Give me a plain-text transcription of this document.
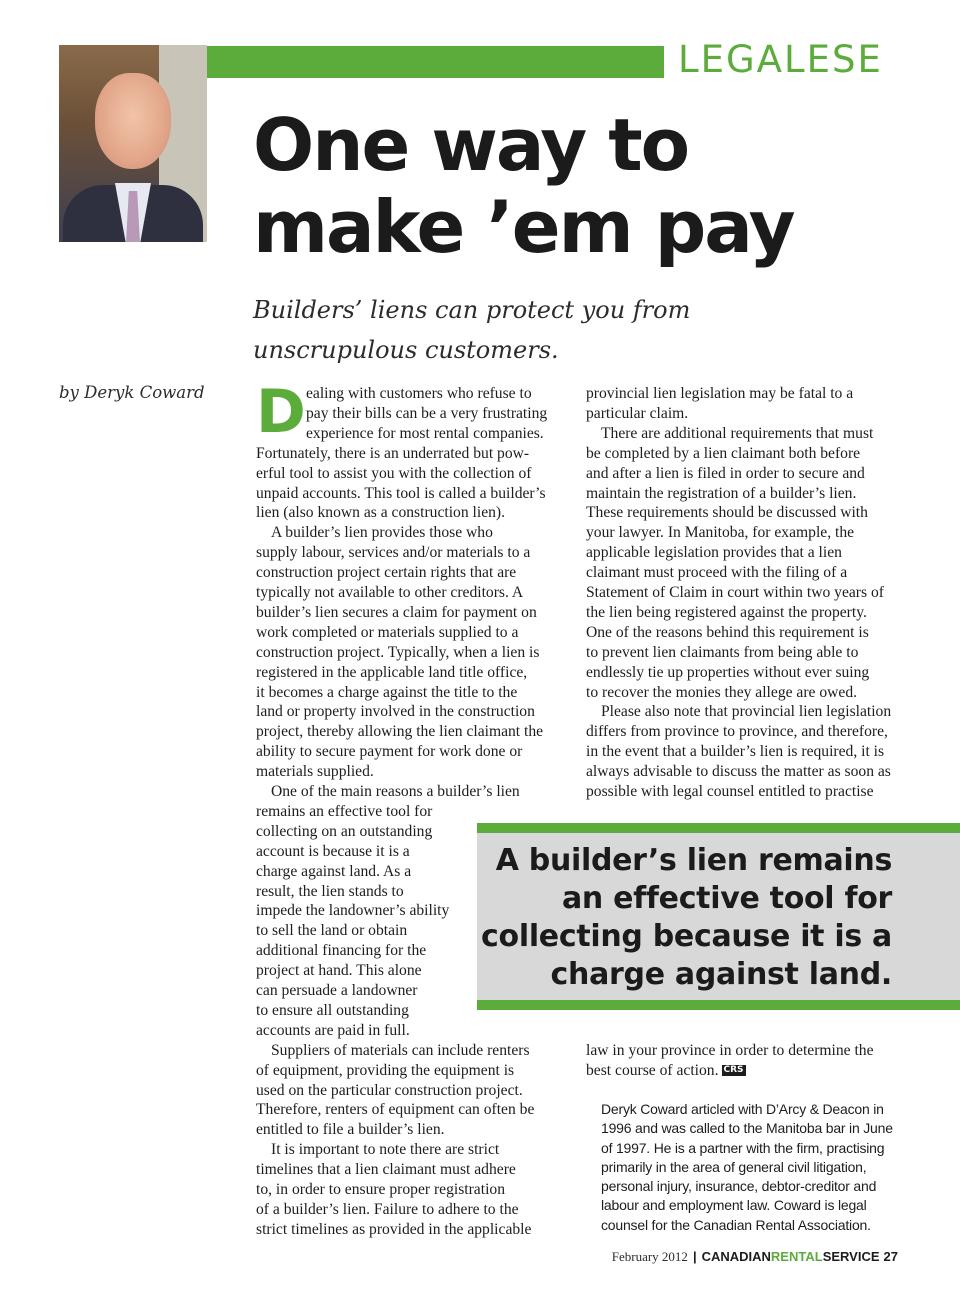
LEGALESE
One way to
make ’em pay
Builders’ liens can protect you from
unscrupulous customers.
by Deryk Coward D ealing with customers who refuse to
pay their bills can be a very frustrating
experience for most rental companies.
Fortunately, there is an underrated but pow-
erful tool to assist you with the collection of
unpaid accounts. This tool is called a builder’s
lien (also known as a construction lien).
A builder’s lien provides those who
supply labour, services and/or materials to a
construction project certain rights that are
typically not available to other creditors. A
builder’s lien secures a claim for payment on
work completed or materials supplied to a
construction project. Typically, when a lien is
registered in the applicable land title office,
it becomes a charge against the title to the
land or property involved in the construction
project, thereby allowing the lien claimant the
ability to secure payment for work done or
materials supplied.
One of the main reasons a builder’s lien
remains an effective tool for
collecting on an outstanding
account is because it is a
charge against land. As a
result, the lien stands to
impede the landowner’s ability
to sell the land or obtain
additional financing for the
project at hand. This alone
can persuade a landowner
to ensure all outstanding
accounts are paid in full.
Suppliers of materials can include renters
of equipment, providing the equipment is
used on the particular construction project.
Therefore, renters of equipment can often be
entitled to file a builder’s lien.
It is important to note there are strict
timelines that a lien claimant must adhere
to, in order to ensure proper registration
of a builder’s lien. Failure to adhere to the
strict timelines as provided in the applicable
provincial lien legislation may be fatal to a
particular claim.
There are additional requirements that must
be completed by a lien claimant both before
and after a lien is filed in order to secure and
maintain the registration of a builder’s lien.
These requirements should be discussed with
your lawyer. In Manitoba, for example, the
applicable legislation provides that a lien
claimant must proceed with the filing of a
Statement of Claim in court within two years of
the lien being registered against the property.
One of the reasons behind this requirement is
to prevent lien claimants from being able to
endlessly tie up properties without ever suing
to recover the monies they allege are owed.
Please also note that provincial lien legislation
differs from province to province, and therefore,
in the event that a builder’s lien is required, it is
always advisable to discuss the matter as soon as
possible with legal counsel entitled to practise
law in your province in order to determine the
best course of action. CRS
A builder’s lien remains
an effective tool for
collecting because it is a
charge against land.
Deryk Coward articled with D’Arcy & Deacon in
1996 and was called to the Manitoba bar in June
of 1997. He is a partner with the firm, practising
primarily in the area of general civil litigation,
personal injury, insurance, debtor-creditor and
labour and employment law. Coward is legal
counsel for the Canadian Rental Association.
February 2012 | CANADIANRENTALSERVICE 27
